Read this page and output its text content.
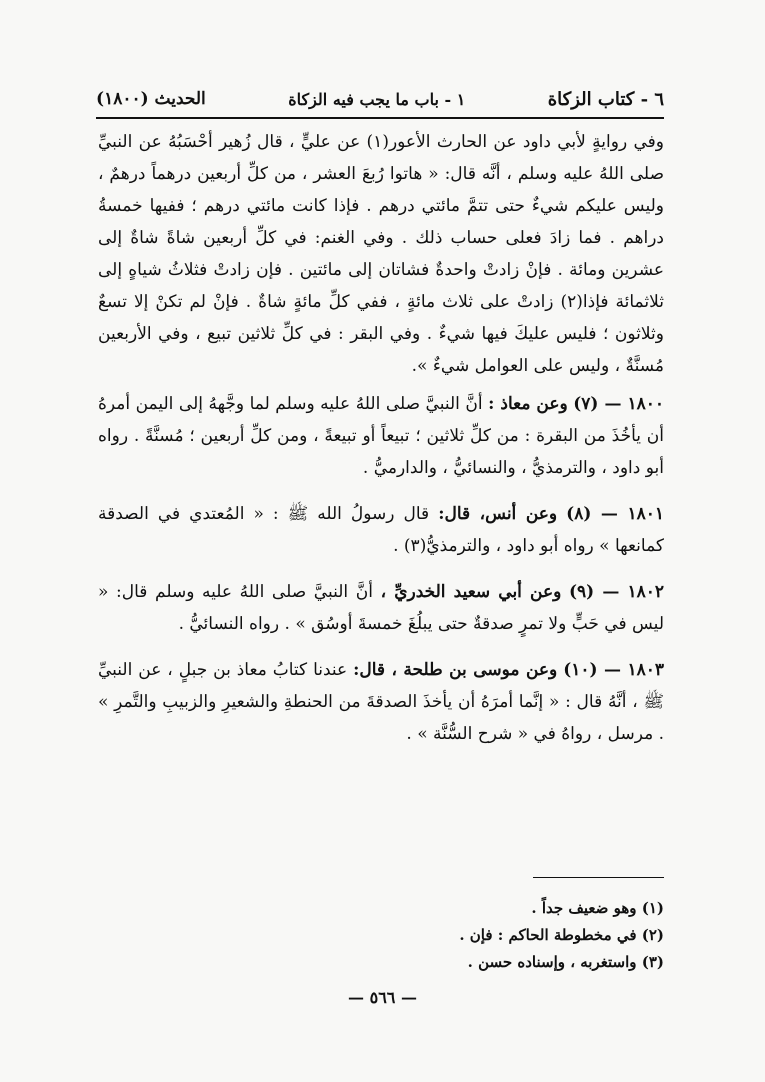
٦ - كتاب الزكاة
١ - باب ما يجب فيه الزكاة
الحديث (١٨٠٠)

وفي روايةٍ لأبي داود عن الحارث الأعور(١) عن عليٍّ ، قال زُهير أحْسَبُهُ عن النبيِّ صلى اللهُ عليه وسلم ، أنَّه قال: « هاتوا رُبعَ العشر ، من كلِّ أربعين درهماً درهمٌ ، وليس عليكم شيءٌ حتى تتمَّ مائتي درهم . فإذا كانت مائتي درهم ؛ ففيها خمسةُ دراهم . فما زادَ فعلى حساب ذلك . وفي الغنم: في كلِّ أربعين شاةً شاةٌ إلى عشرين ومائة . فإنْ زادتْ واحدةٌ فشاتان إلى مائتين . فإن زادتْ فثلاثُ شياهٍ إلى ثلاثمائة فإذا(٢) زادتْ على ثلاث مائةٍ ، ففي كلِّ مائةٍ شاةٌ . فإنْ لم تكنْ إلا تسعٌ وثلاثون ؛ فليس عليكَ فيها شيءٌ . وفي البقر : في كلِّ ثلاثين تبيع ، وفي الأربعين مُسنَّةٌ ، وليس على العوامل شيءٌ ».

١٨٠٠ — (٧) وعن معاذ : أنَّ النبيَّ صلى اللهُ عليه وسلم لما وجَّههُ إلى اليمن أمرهُ أن يأخُذَ من البقرة : من كلِّ ثلاثين ؛ تبيعاً أو تبيعةً ، ومن كلِّ أربعين ؛ مُسنَّةً . رواه أبو داود ، والترمذيُّ ، والنسائيُّ ، والدارميُّ .

١٨٠١ — (٨) وعن أنس، قال: قال رسولُ الله ﷺ : « المُعتدي في الصدقة كمانعها » رواه أبو داود ، والترمذيُّ(٣) .

١٨٠٢ — (٩) وعن أبي سعيد الخدريِّ ، أنَّ النبيَّ صلى اللهُ عليه وسلم قال: « ليس في حَبٍّ ولا تمرٍ صدقةٌ حتى يبلُغَ خمسةَ أوسُق » . رواه النسائيُّ .

١٨٠٣ — (١٠) وعن موسى بن طلحة ، قال: عندنا كتابُ معاذ بن جبلٍ ، عن النبيِّ ﷺ ، أنَّهُ قال : « إنَّما أمرَهُ أن يأخذَ الصدقةَ من الحنطةِ والشعيرِ والزبيبِ والتَّمرِ » . مرسل ، رواهُ في « شرح السُّنَّة » .

(١) وهو ضعيف جداً .
(٢) في مخطوطة الحاكم : فإن .
(٣) واستغربه ، وإسناده حسن .
— ٥٦٦ —
